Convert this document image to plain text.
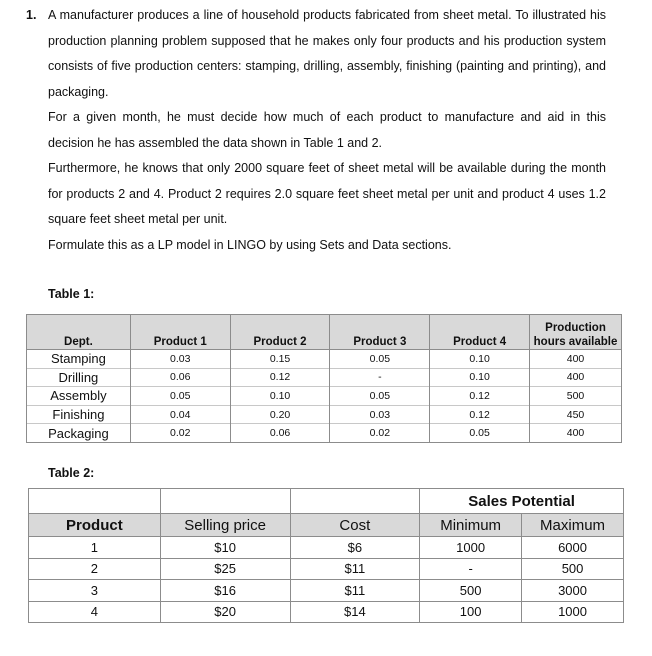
1. A manufacturer produces a line of household products fabricated from sheet metal. To illustrated his production planning problem supposed that he makes only four products and his production system consists of five production centers: stamping, drilling, assembly, finishing (painting and printing), and packaging.

For a given month, he must decide how much of each product to manufacture and aid in this decision he has assembled the data shown in Table 1 and 2.

Furthermore, he knows that only 2000 square feet of sheet metal will be available during the month for products 2 and 4. Product 2 requires 2.0 square feet sheet metal per unit and product 4 uses 1.2 square feet sheet metal per unit.

Formulate this as a LP model in LINGO by using Sets and Data sections.

Table 1:
Dept.	Product 1	Product 2	Product 3	Product 4	Production hours available
Stamping	0.03	0.15	0.05	0.10	400
Drilling	0.06	0.12	-	0.10	400
Assembly	0.05	0.10	0.05	0.12	500
Finishing	0.04	0.20	0.03	0.12	450
Packaging	0.02	0.06	0.02	0.05	400
Table 2:
			Sales Potential	
Product	Selling price	Cost	Minimum	Maximum
1	$10	$6	1000	6000
2	$25	$11	-	500
3	$16	$11	500	3000
4	$20	$14	100	1000
